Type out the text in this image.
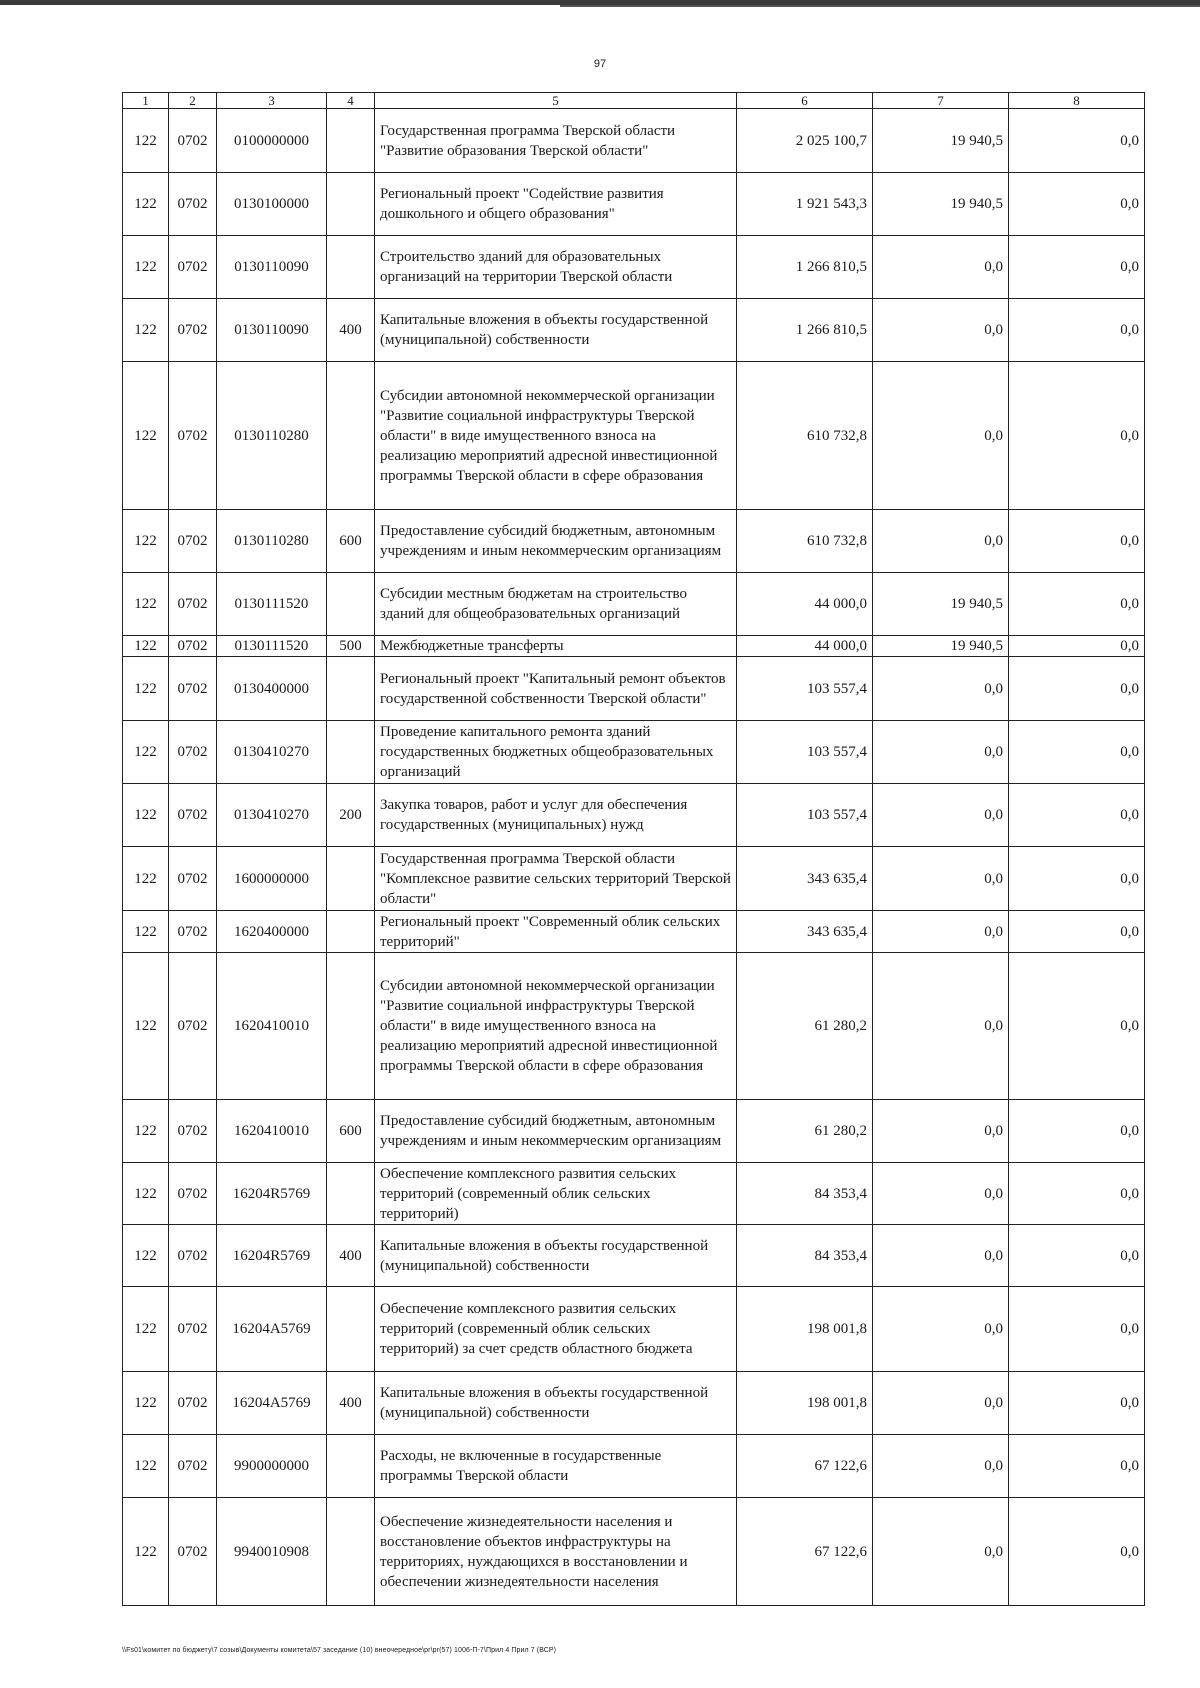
97
1	2	3	4	5	6	7	8
122	0702	0100000000		Государственная программа Тверской области "Развитие образования Тверской области"	2 025 100,7	19 940,5	0,0
122	0702	0130100000		Региональный проект "Содействие развития дошкольного и общего образования"	1 921 543,3	19 940,5	0,0
122	0702	0130110090		Строительство зданий для образовательных организаций на территории Тверской области	1 266 810,5	0,0	0,0
122	0702	0130110090	400	Капитальные вложения в объекты государственной (муниципальной) собственности	1 266 810,5	0,0	0,0
122	0702	0130110280		Субсидии автономной некоммерческой организации "Развитие социальной инфраструктуры Тверской области" в виде имущественного взноса на реализацию мероприятий адресной инвестиционной программы Тверской области в сфере образования	610 732,8	0,0	0,0
122	0702	0130110280	600	Предоставление субсидий бюджетным, автономным учреждениям и иным некоммерческим организациям	610 732,8	0,0	0,0
122	0702	0130111520		Субсидии местным бюджетам на строительство зданий для общеобразовательных организаций	44 000,0	19 940,5	0,0
122	0702	0130111520	500	Межбюджетные трансферты	44 000,0	19 940,5	0,0
122	0702	0130400000		Региональный проект "Капитальный ремонт объектов государственной собственности Тверской области"	103 557,4	0,0	0,0
122	0702	0130410270		Проведение капитального ремонта зданий государственных бюджетных общеобразовательных организаций	103 557,4	0,0	0,0
122	0702	0130410270	200	Закупка товаров, работ и услуг для обеспечения государственных (муниципальных) нужд	103 557,4	0,0	0,0
122	0702	1600000000		Государственная программа Тверской области "Комплексное развитие сельских территорий Тверской области"	343 635,4	0,0	0,0
122	0702	1620400000		Региональный проект "Современный облик сельских территорий"	343 635,4	0,0	0,0
122	0702	1620410010		Субсидии автономной некоммерческой организации "Развитие социальной инфраструктуры Тверской области" в виде имущественного взноса на реализацию мероприятий адресной инвестиционной программы Тверской области в сфере образования	61 280,2	0,0	0,0
122	0702	1620410010	600	Предоставление субсидий бюджетным, автономным учреждениям и иным некоммерческим организациям	61 280,2	0,0	0,0
122	0702	16204R5769		Обеспечение комплексного развития сельских территорий (современный облик сельских территорий)	84 353,4	0,0	0,0
122	0702	16204R5769	400	Капитальные вложения в объекты государственной (муниципальной) собственности	84 353,4	0,0	0,0
122	0702	16204A5769		Обеспечение комплексного развития сельских территорий (современный облик сельских территорий) за счет средств областного бюджета	198 001,8	0,0	0,0
122	0702	16204A5769	400	Капитальные вложения в объекты государственной (муниципальной) собственности	198 001,8	0,0	0,0
122	0702	9900000000		Расходы, не включенные в государственные программы Тверской области	67 122,6	0,0	0,0
122	0702	9940010908		Обеспечение жизнедеятельности населения и восстановление объектов инфраструктуры на территориях, нуждающихся в восстановлении и обеспечении жизнедеятельности населения	67 122,6	0,0	0,0
\\Fs01\комитет по бюджету\7 созыв\Документы комитета\57 заседание (10) внеочередное\pr\pr(57) 1006-П-7\Прил 4 Прил 7 (ВСР)
